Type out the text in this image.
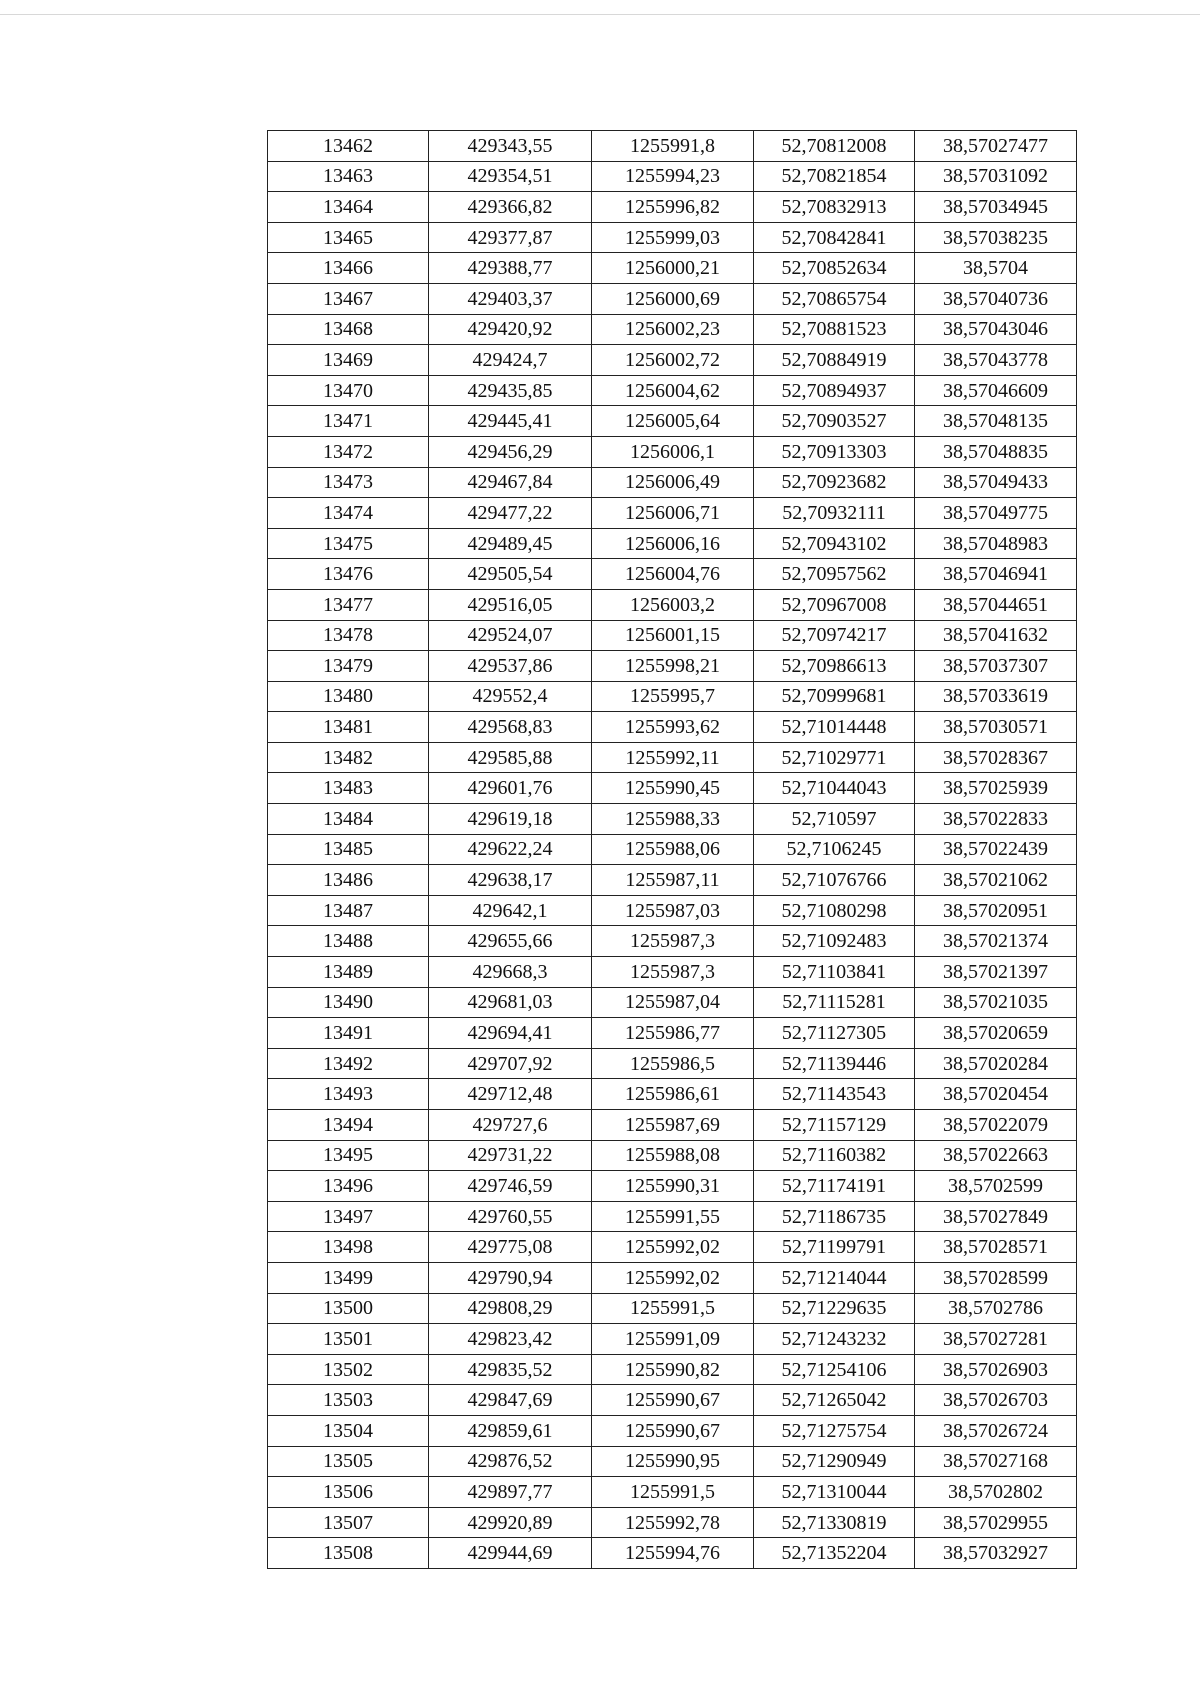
13462	429343,55	1255991,8	52,70812008	38,57027477
13463	429354,51	1255994,23	52,70821854	38,57031092
13464	429366,82	1255996,82	52,70832913	38,57034945
13465	429377,87	1255999,03	52,70842841	38,57038235
13466	429388,77	1256000,21	52,70852634	38,5704
13467	429403,37	1256000,69	52,70865754	38,57040736
13468	429420,92	1256002,23	52,70881523	38,57043046
13469	429424,7	1256002,72	52,70884919	38,57043778
13470	429435,85	1256004,62	52,70894937	38,57046609
13471	429445,41	1256005,64	52,70903527	38,57048135
13472	429456,29	1256006,1	52,70913303	38,57048835
13473	429467,84	1256006,49	52,70923682	38,57049433
13474	429477,22	1256006,71	52,70932111	38,57049775
13475	429489,45	1256006,16	52,70943102	38,57048983
13476	429505,54	1256004,76	52,70957562	38,57046941
13477	429516,05	1256003,2	52,70967008	38,57044651
13478	429524,07	1256001,15	52,70974217	38,57041632
13479	429537,86	1255998,21	52,70986613	38,57037307
13480	429552,4	1255995,7	52,70999681	38,57033619
13481	429568,83	1255993,62	52,71014448	38,57030571
13482	429585,88	1255992,11	52,71029771	38,57028367
13483	429601,76	1255990,45	52,71044043	38,57025939
13484	429619,18	1255988,33	52,710597	38,57022833
13485	429622,24	1255988,06	52,7106245	38,57022439
13486	429638,17	1255987,11	52,71076766	38,57021062
13487	429642,1	1255987,03	52,71080298	38,57020951
13488	429655,66	1255987,3	52,71092483	38,57021374
13489	429668,3	1255987,3	52,71103841	38,57021397
13490	429681,03	1255987,04	52,71115281	38,57021035
13491	429694,41	1255986,77	52,71127305	38,57020659
13492	429707,92	1255986,5	52,71139446	38,57020284
13493	429712,48	1255986,61	52,71143543	38,57020454
13494	429727,6	1255987,69	52,71157129	38,57022079
13495	429731,22	1255988,08	52,71160382	38,57022663
13496	429746,59	1255990,31	52,71174191	38,5702599
13497	429760,55	1255991,55	52,71186735	38,57027849
13498	429775,08	1255992,02	52,71199791	38,57028571
13499	429790,94	1255992,02	52,71214044	38,57028599
13500	429808,29	1255991,5	52,71229635	38,5702786
13501	429823,42	1255991,09	52,71243232	38,57027281
13502	429835,52	1255990,82	52,71254106	38,57026903
13503	429847,69	1255990,67	52,71265042	38,57026703
13504	429859,61	1255990,67	52,71275754	38,57026724
13505	429876,52	1255990,95	52,71290949	38,57027168
13506	429897,77	1255991,5	52,71310044	38,5702802
13507	429920,89	1255992,78	52,71330819	38,57029955
13508	429944,69	1255994,76	52,71352204	38,57032927
